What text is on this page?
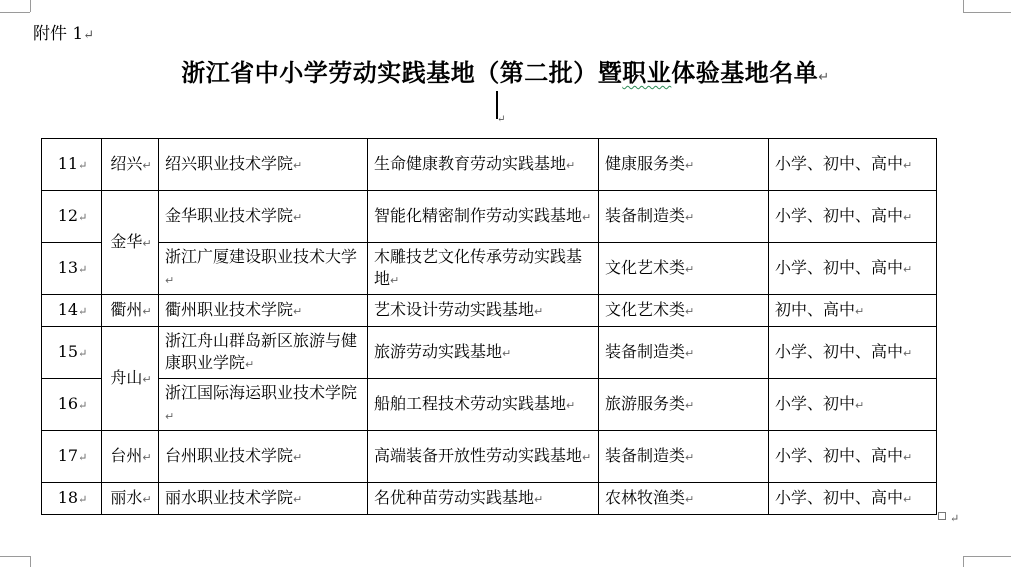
附件 1↵
浙江省中小学劳动实践基地（第二批）暨职业体验基地名单↵
↵
11↵	绍兴↵	绍兴职业技术学院↵	生命健康教育劳动实践基地↵	健康服务类↵	小学、初中、高中↵
12↵	金华↵	金华职业技术学院↵	智能化精密制作劳动实践基地↵	装备制造类↵	小学、初中、高中↵
13↵		浙江广厦建设职业技术大学↵	木雕技艺文化传承劳动实践基地↵	文化艺术类↵	小学、初中、高中↵
14↵	衢州↵	衢州职业技术学院↵	艺术设计劳动实践基地↵	文化艺术类↵	初中、高中↵
15↵	舟山↵	浙江舟山群岛新区旅游与健康职业学院↵	旅游劳动实践基地↵	装备制造类↵	小学、初中、高中↵
16↵		浙江国际海运职业技术学院↵	船舶工程技术劳动实践基地↵	旅游服务类↵	小学、初中↵
17↵	台州↵	台州职业技术学院↵	高端装备开放性劳动实践基地↵	装备制造类↵	小学、初中、高中↵
18↵	丽水↵	丽水职业技术学院↵	名优种苗劳动实践基地↵	农林牧渔类↵	小学、初中、高中↵
↵
